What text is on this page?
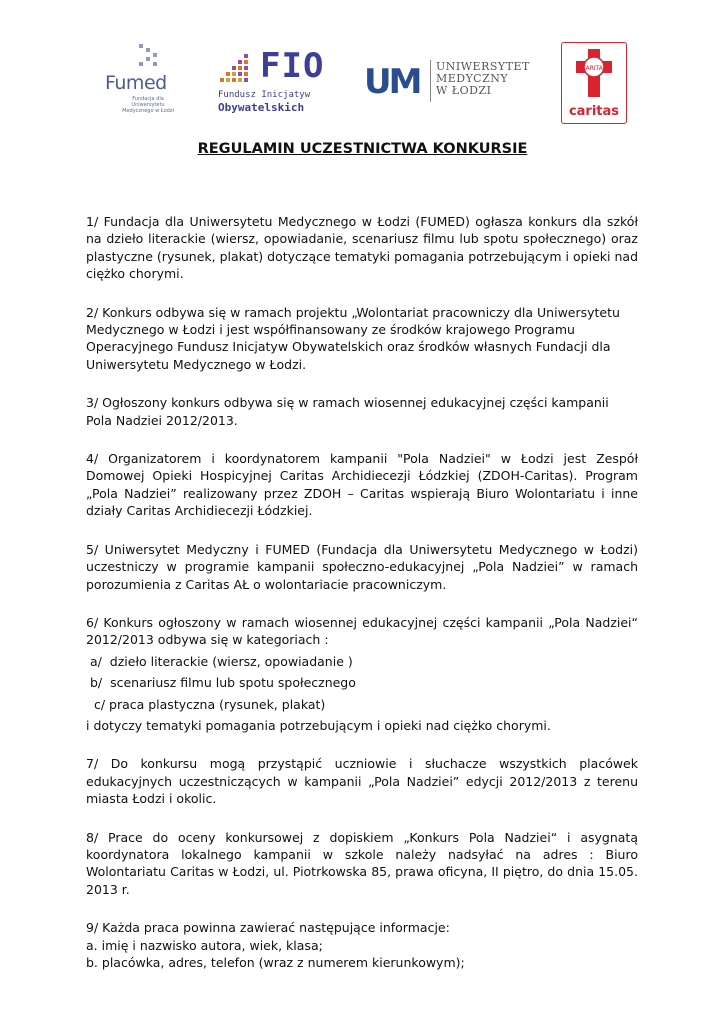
Fumed
Fundacja dla Uniwersytetu Medycznego w Łodzi
FIO
Fundusz Inicjatyw
Obywatelskich
UM UNIWERSYTET
MEDYCZNY
W ŁODZI
CARITAS
caritas
REGULAMIN UCZESTNICTWA KONKURSIE

1/ Fundacja dla Uniwersytetu Medycznego w Łodzi (FUMED) ogłasza konkurs dla szkół na dzieło literackie (wiersz, opowiadanie, scenariusz filmu lub spotu społecznego) oraz plastyczne (rysunek, plakat) dotyczące tematyki pomagania potrzebującym i opieki nad ciężko chorymi.

2/ Konkurs odbywa się w ramach projektu „Wolontariat pracowniczy dla Uniwersytetu Medycznego w Łodzi i jest współfinansowany ze środków krajowego Programu Operacyjnego Fundusz Inicjatyw Obywatelskich oraz środków własnych Fundacji dla Uniwersytetu Medycznego w Łodzi.

3/ Ogłoszony konkurs odbywa się w ramach wiosennej edukacyjnej części kampanii Pola Nadziei 2012/2013.

4/ Organizatorem i koordynatorem kampanii "Pola Nadziei" w Łodzi jest Zespół Domowej Opieki Hospicyjnej Caritas Archidiecezji Łódzkiej (ZDOH-Caritas). Program „Pola Nadziei” realizowany przez ZDOH – Caritas wspierają Biuro Wolontariatu i inne działy Caritas Archidiecezji Łódzkiej.

5/ Uniwersytet Medyczny i FUMED (Fundacja dla Uniwersytetu Medycznego w Łodzi) uczestniczy w programie kampanii społeczno-edukacyjnej „Pola Nadziei” w ramach porozumienia z Caritas AŁ o wolontariacie pracowniczym.

6/ Konkurs ogłoszony w ramach wiosennej edukacyjnej części kampanii „Pola Nadziei“ 2012/2013 odbywa się w kategoriach :
a/  dzieło literackie (wiersz, opowiadanie )
b/  scenariusz filmu lub spotu społecznego
c/ praca plastyczna (rysunek, plakat)
i dotyczy tematyki pomagania potrzebującym i opieki nad ciężko chorymi.

7/ Do konkursu mogą przystąpić uczniowie i słuchacze wszystkich placówek edukacyjnych uczestniczących w kampanii „Pola Nadziei” edycji 2012/2013 z terenu miasta Łodzi i okolic.

8/ Prace do oceny konkursowej z dopiskiem „Konkurs Pola Nadziei“ i asygnatą koordynatora lokalnego kampanii w szkole należy nadsyłać na adres : Biuro Wolontariatu Caritas w Łodzi, ul. Piotrkowska 85, prawa oficyna, II piętro, do dnia 15.05. 2013 r.

9/ Każda praca powinna zawierać następujące informacje:
a. imię i nazwisko autora, wiek, klasa;
b. placówka, adres, telefon (wraz z numerem kierunkowym);
